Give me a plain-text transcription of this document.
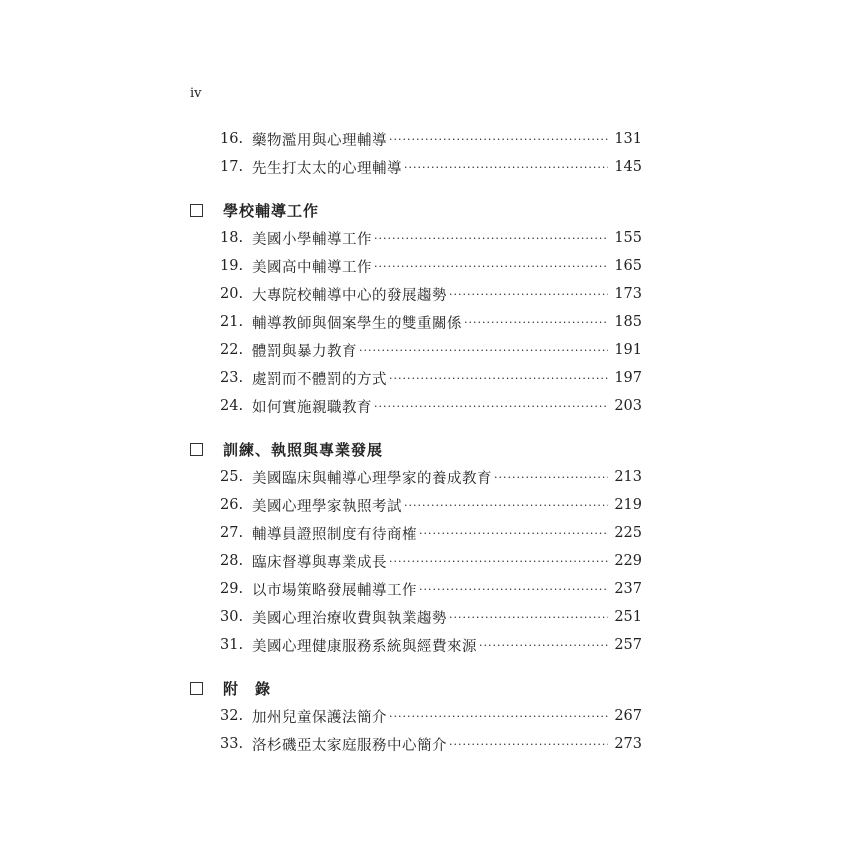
iv
16. 藥物濫用與心理輔導 ·····	131
17. 先生打太太的心理輔導 ·····	145
學校輔導工作
18. 美國小學輔導工作 ·····	155
19. 美國高中輔導工作 ·····	165
20. 大專院校輔導中心的發展趨勢 ·····	173
21. 輔導教師與個案學生的雙重關係 ·····	185
22. 體罰與暴力教育 ·····	191
23. 處罰而不體罰的方式 ·····	197
24. 如何實施親職教育 ·····	203
訓練、執照與專業發展
25. 美國臨床與輔導心理學家的養成教育 ·····	213
26. 美國心理學家執照考試 ·····	219
27. 輔導員證照制度有待商榷 ·····	225
28. 臨床督導與專業成長 ·····	229
29. 以市場策略發展輔導工作 ·····	237
30. 美國心理治療收費與執業趨勢 ·····	251
31. 美國心理健康服務系統與經費來源 ·····	257
附　錄
32. 加州兒童保護法簡介 ·····	267
33. 洛杉磯亞太家庭服務中心簡介 ·····	273
